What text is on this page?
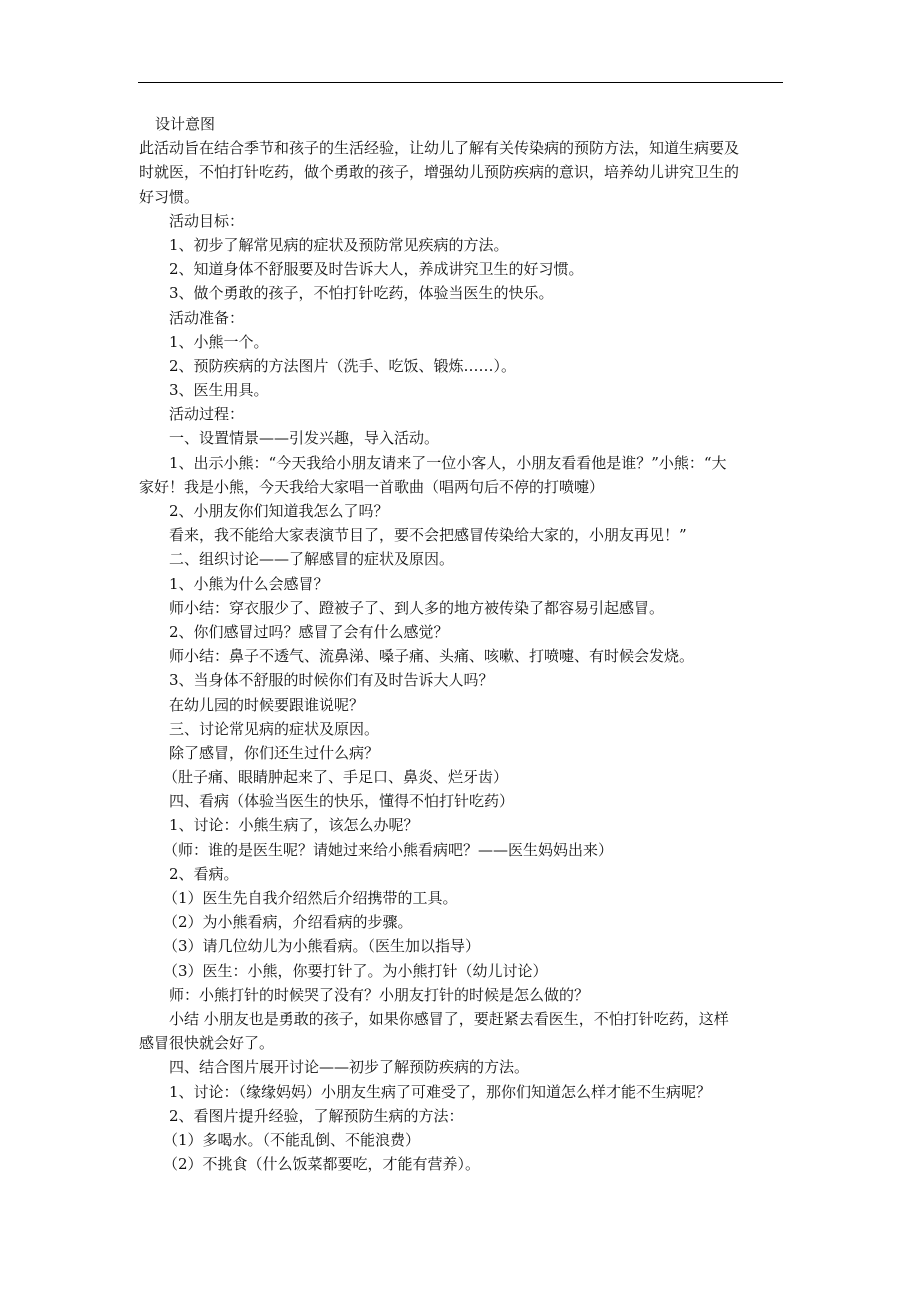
设计意图
此活动旨在结合季节和孩子的生活经验，让幼儿了解有关传染病的预防方法，知道生病要及
时就医，不怕打针吃药，做个勇敢的孩子，增强幼儿预防疾病的意识，培养幼儿讲究卫生的
好习惯。
活动目标：
1、初步了解常见病的症状及预防常见疾病的方法。
2、知道身体不舒服要及时告诉大人，养成讲究卫生的好习惯。
3、做个勇敢的孩子，不怕打针吃药，体验当医生的快乐。
活动准备：
1、小熊一个。
2、预防疾病的方法图片（洗手、吃饭、锻炼……）。
3、医生用具。
活动过程：
一、设置情景——引发兴趣，导入活动。
1、出示小熊：“今天我给小朋友请来了一位小客人，小朋友看看他是谁？”小熊：“大
家好！我是小熊，今天我给大家唱一首歌曲（唱两句后不停的打喷嚏）
2、小朋友你们知道我怎么了吗？
看来，我不能给大家表演节目了，要不会把感冒传染给大家的，小朋友再见！”
二、组织讨论——了解感冒的症状及原因。
1、小熊为什么会感冒？
师小结：穿衣服少了、蹬被子了、到人多的地方被传染了都容易引起感冒。
2、你们感冒过吗？感冒了会有什么感觉？
师小结：鼻子不透气、流鼻涕、嗓子痛、头痛、咳嗽、打喷嚏、有时候会发烧。
3、当身体不舒服的时候你们有及时告诉大人吗？
在幼儿园的时候要跟谁说呢？
三、讨论常见病的症状及原因。
除了感冒，你们还生过什么病？
（肚子痛、眼睛肿起来了、手足口、鼻炎、烂牙齿）
四、看病（体验当医生的快乐，懂得不怕打针吃药）
1、讨论：小熊生病了，该怎么办呢？
（师：谁的是医生呢？请她过来给小熊看病吧？——医生妈妈出来）
2、看病。
（1）医生先自我介绍然后介绍携带的工具。
（2）为小熊看病，介绍看病的步骤。
（3）请几位幼儿为小熊看病。（医生加以指导）
（3）医生：小熊，你要打针了。为小熊打针（幼儿讨论）
师：小熊打针的时候哭了没有？小朋友打针的时候是怎么做的？
小结 小朋友也是勇敢的孩子，如果你感冒了，要赶紧去看医生，不怕打针吃药，这样
感冒很快就会好了。
四、结合图片展开讨论——初步了解预防疾病的方法。
1、讨论：（缘缘妈妈）小朋友生病了可难受了，那你们知道怎么样才能不生病呢？
2、看图片提升经验，了解预防生病的方法：
（1）多喝水。（不能乱倒、不能浪费）
（2）不挑食（什么饭菜都要吃，才能有营养）。
